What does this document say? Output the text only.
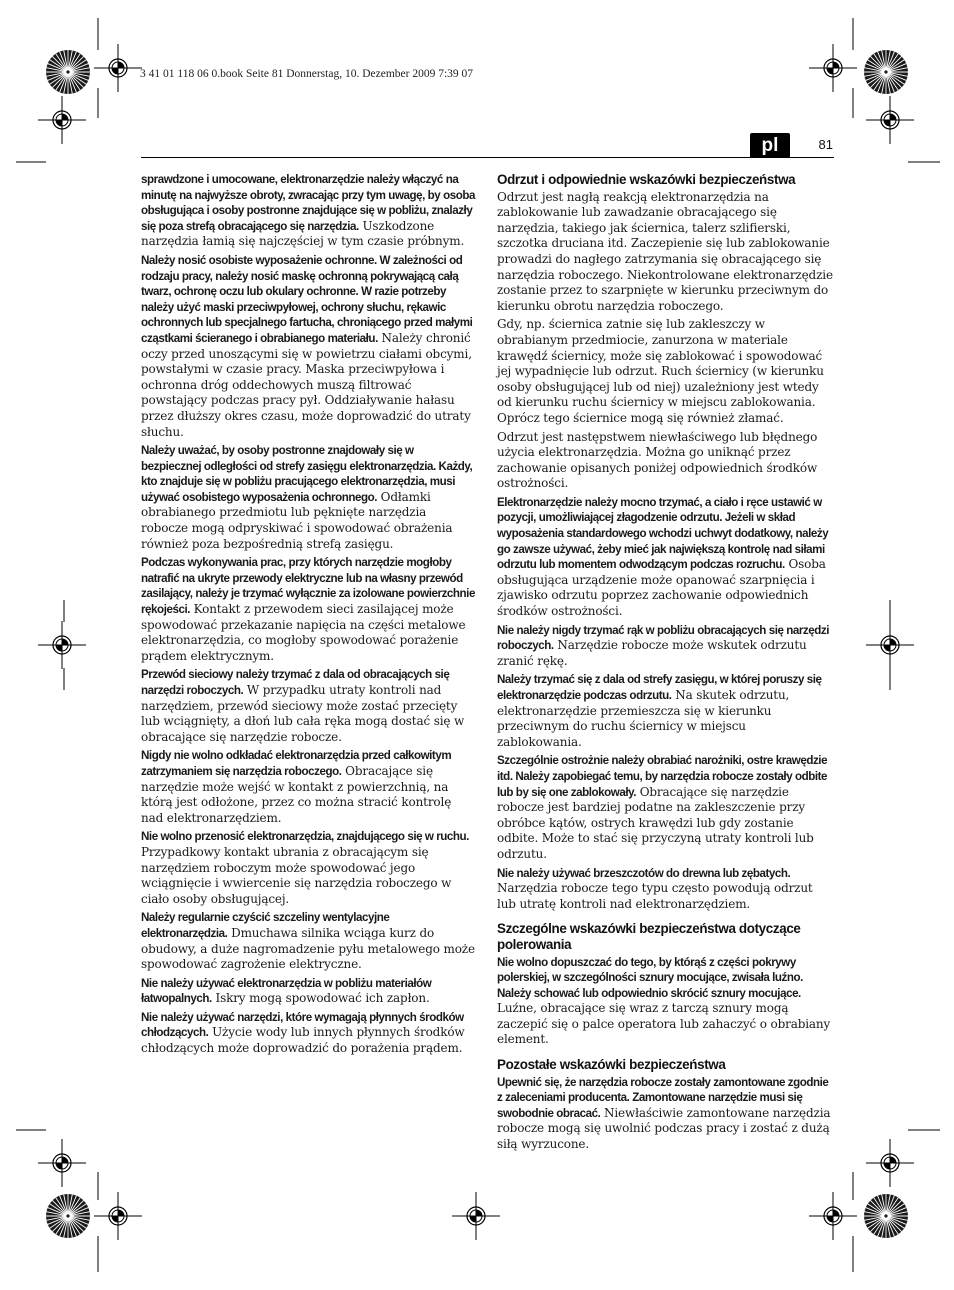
3 41 01 118 06 0.book Seite 81 Donnerstag, 10. Dezember 2009 7:39 07
pl	81

sprawdzone i umocowane, elektronarzędzie należy włączyć na minutę na najwyższe obroty, zwracając przy tym uwagę, by osoba obsługująca i osoby postronne znajdujące się w pobliżu, znalazły się poza strefą obracającego się narzędzia. Uszkodzone narzędzia łamią się najczęściej w tym czasie próbnym.

Należy nosić osobiste wyposażenie ochronne. W zależności od rodzaju pracy, należy nosić maskę ochronną pokrywającą całą twarz, ochronę oczu lub okulary ochronne. W razie potrzeby należy użyć maski przeciwpyłowej, ochrony słuchu, rękawic ochronnych lub specjalnego fartucha, chroniącego przed małymi cząstkami ścieranego i obrabianego materiału. Należy chronić oczy przed unoszącymi się w powietrzu ciałami obcymi, powstałymi w czasie pracy. Maska przeciwpyłowa i ochronna dróg oddechowych muszą filtrować powstający podczas pracy pył. Oddziaływanie hałasu przez dłuższy okres czasu, może doprowadzić do utraty słuchu.

Należy uważać, by osoby postronne znajdowały się w bezpiecznej odległości od strefy zasięgu elektronarzędzia. Każdy, kto znajduje się w pobliżu pracującego elektronarzędzia, musi używać osobistego wyposażenia ochronnego. Odłamki obrabianego przedmiotu lub pęknięte narzędzia robocze mogą odpryskiwać i spowodować obrażenia również poza bezpośrednią strefą zasięgu.

Podczas wykonywania prac, przy których narzędzie mogłoby natrafić na ukryte przewody elektryczne lub na własny przewód zasilający, należy je trzymać wyłącznie za izolowane powierzchnie rękojeści. Kontakt z przewodem sieci zasilającej może spowodować przekazanie napięcia na części metalowe elektronarzędzia, co mogłoby spowodować porażenie prądem elektrycznym.

Przewód sieciowy należy trzymać z dala od obracających się narzędzi roboczych. W przypadku utraty kontroli nad narzędziem, przewód sieciowy może zostać przecięty lub wciągnięty, a dłoń lub cała ręka mogą dostać się w obracające się narzędzie robocze.

Nigdy nie wolno odkładać elektronarzędzia przed całkowitym zatrzymaniem się narzędzia roboczego. Obracające się narzędzie może wejść w kontakt z powierzchnią, na którą jest odłożone, przez co można stracić kontrolę nad elektronarzędziem.

Nie wolno przenosić elektronarzędzia, znajdującego się w ruchu. Przypadkowy kontakt ubrania z obracającym się narzędziem roboczym może spowodować jego wciągnięcie i wwiercenie się narzędzia roboczego w ciało osoby obsługującej.

Należy regularnie czyścić szczeliny wentylacyjne elektronarzędzia. Dmuchawa silnika wciąga kurz do obudowy, a duże nagromadzenie pyłu metalowego może spowodować zagrożenie elektryczne.

Nie należy używać elektronarzędzia w pobliżu materiałów łatwopalnych. Iskry mogą spowodować ich zapłon.

Nie należy używać narzędzi, które wymagają płynnych środków chłodzących. Użycie wody lub innych płynnych środków chłodzących może doprowadzić do porażenia prądem.

Odrzut i odpowiednie wskazówki bezpieczeństwa

Odrzut jest nagłą reakcją elektronarzędzia na zablokowanie lub zawadzanie obracającego się narzędzia, takiego jak ściernica, talerz szlifierski, szczotka druciana itd. Zaczepienie się lub zablokowanie prowadzi do nagłego zatrzymania się obracającego się narzędzia roboczego. Niekontrolowane elektronarzędzie zostanie przez to szarpnięte w kierunku przeciwnym do kierunku obrotu narzędzia roboczego.

Gdy, np. ściernica zatnie się lub zakleszczy w obrabianym przedmiocie, zanurzona w materiale krawędź ściernicy, może się zablokować i spowodować jej wypadnięcie lub odrzut. Ruch ściernicy (w kierunku osoby obsługującej lub od niej) uzależniony jest wtedy od kierunku ruchu ściernicy w miejscu zablokowania. Oprócz tego ściernice mogą się również złamać.

Odrzut jest następstwem niewłaściwego lub błędnego użycia elektronarzędzia. Można go uniknąć przez zachowanie opisanych poniżej odpowiednich środków ostrożności.

Elektronarzędzie należy mocno trzymać, a ciało i ręce ustawić w pozycji, umożliwiającej złagodzenie odrzutu. Jeżeli w skład wyposażenia standardowego wchodzi uchwyt dodatkowy, należy go zawsze używać, żeby mieć jak największą kontrolę nad siłami odrzutu lub momentem odwodzącym podczas rozruchu. Osoba obsługująca urządzenie może opanować szarpnięcia i zjawisko odrzutu poprzez zachowanie odpowiednich środków ostrożności.

Nie należy nigdy trzymać rąk w pobliżu obracających się narzędzi roboczych. Narzędzie robocze może wskutek odrzutu zranić rękę.

Należy trzymać się z dala od strefy zasięgu, w której poruszy się elektronarzędzie podczas odrzutu. Na skutek odrzutu, elektronarzędzie przemieszcza się w kierunku przeciwnym do ruchu ściernicy w miejscu zablokowania.

Szczególnie ostrożnie należy obrabiać narożniki, ostre krawędzie itd. Należy zapobiegać temu, by narzędzia robocze zostały odbite lub by się one zablokowały. Obracające się narzędzie robocze jest bardziej podatne na zakleszczenie przy obróbce kątów, ostrych krawędzi lub gdy zostanie odbite. Może to stać się przyczyną utraty kontroli lub odrzutu.

Nie należy używać brzeszczotów do drewna lub zębatych. Narzędzia robocze tego typu często powodują odrzut lub utratę kontroli nad elektronarzędziem.

Szczególne wskazówki bezpieczeństwa dotyczące polerowania

Nie wolno dopuszczać do tego, by którąś z części pokrywy polerskiej, w szczególności sznury mocujące, zwisała luźno. Należy schować lub odpowiednio skrócić sznury mocujące. Luźne, obracające się wraz z tarczą sznury mogą zaczepić się o palce operatora lub zahaczyć o obrabiany element.

Pozostałe wskazówki bezpieczeństwa

Upewnić się, że narzędzia robocze zostały zamontowane zgodnie z zaleceniami producenta. Zamontowane narzędzie musi się swobodnie obracać. Niewłaściwie zamontowane narzędzia robocze mogą się uwolnić podczas pracy i zostać z dużą siłą wyrzucone.
